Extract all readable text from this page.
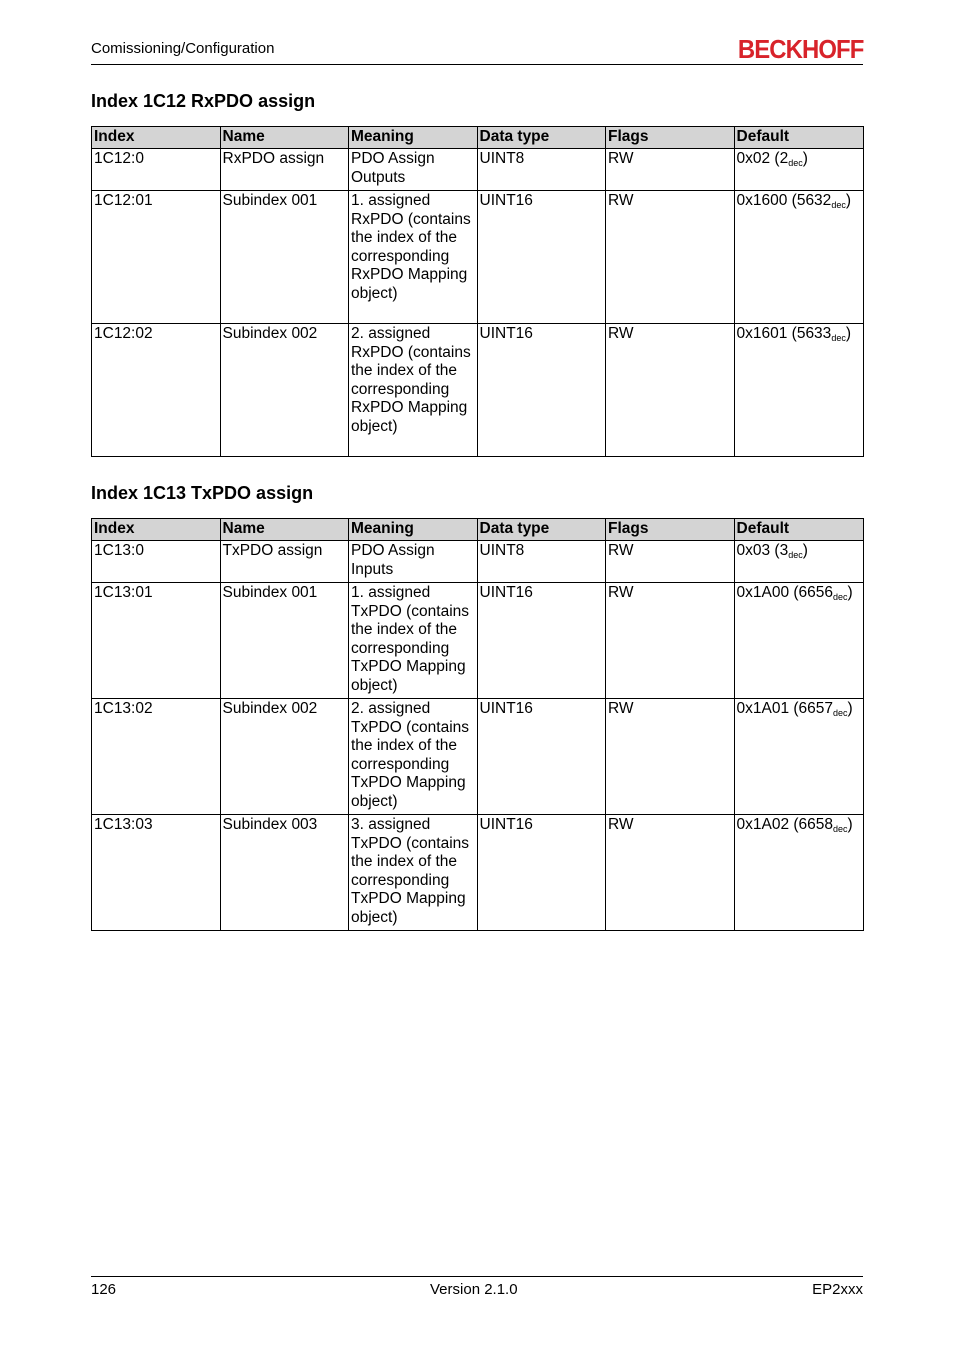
Comissioning/Configuration	BECKHOFF
Index 1C12 RxPDO assign
Index	Name	Meaning	Data type	Flags	Default
1C12:0	RxPDO assign	PDO Assign Outputs	UINT8	RW	0x02 $(2_{dec})$
1C12:01	Subindex 001	1. assigned RxPDO (contains the index of the corresponding RxPDO Mapping object)	UINT16	RW	0x1600 $(5632_{dec})$
1C12:02	Subindex 002	2. assigned RxPDO (contains the index of the corresponding RxPDO Mapping object)	UINT16	RW	0x1601 $(5633_{dec})$
Index 1C13 TxPDO assign
Index	Name	Meaning	Data type	Flags	Default
1C13:0	TxPDO assign	PDO Assign Inputs	UINT8	RW	0x03 $(3_{dec})$
1C13:01	Subindex 001	1. assigned TxPDO (contains the index of the corresponding TxPDO Mapping object)	UINT16	RW	0x1A00 $(6656_{dec})$
1C13:02	Subindex 002	2. assigned TxPDO (contains the index of the corresponding TxPDO Mapping object)	UINT16	RW	0x1A01 $(6657_{dec})$
1C13:03	Subindex 003	3. assigned TxPDO (contains the index of the corresponding TxPDO Mapping object)	UINT16	RW	0x1A02 $(6658_{dec})$
126	Version 2.1.0	EP2xxx
